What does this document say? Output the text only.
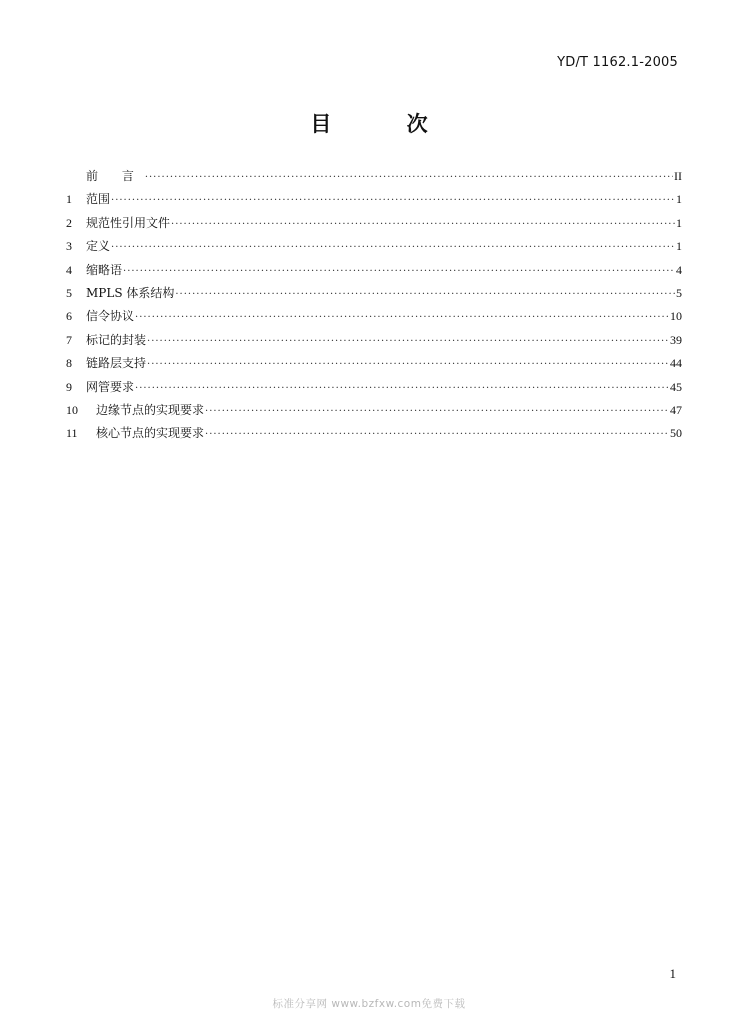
YD/T 1162.1-2005
目 次
前 言 ·····	II
1	范围 ·····	1
2	规范性引用文件 ·····	1
3	定义 ·····	1
4	缩略语 ·····	4
5	MPLS 体系结构 ·····	5
6	信令协议 ·····	10
7	标记的封装 ·····	39
8	链路层支持 ·····	44
9	网管要求 ·····	45
10	边缘节点的实现要求 ·····	47
11	核心节点的实现要求 ·····	50
1
标准分享网 www.bzfxw.com免费下载
